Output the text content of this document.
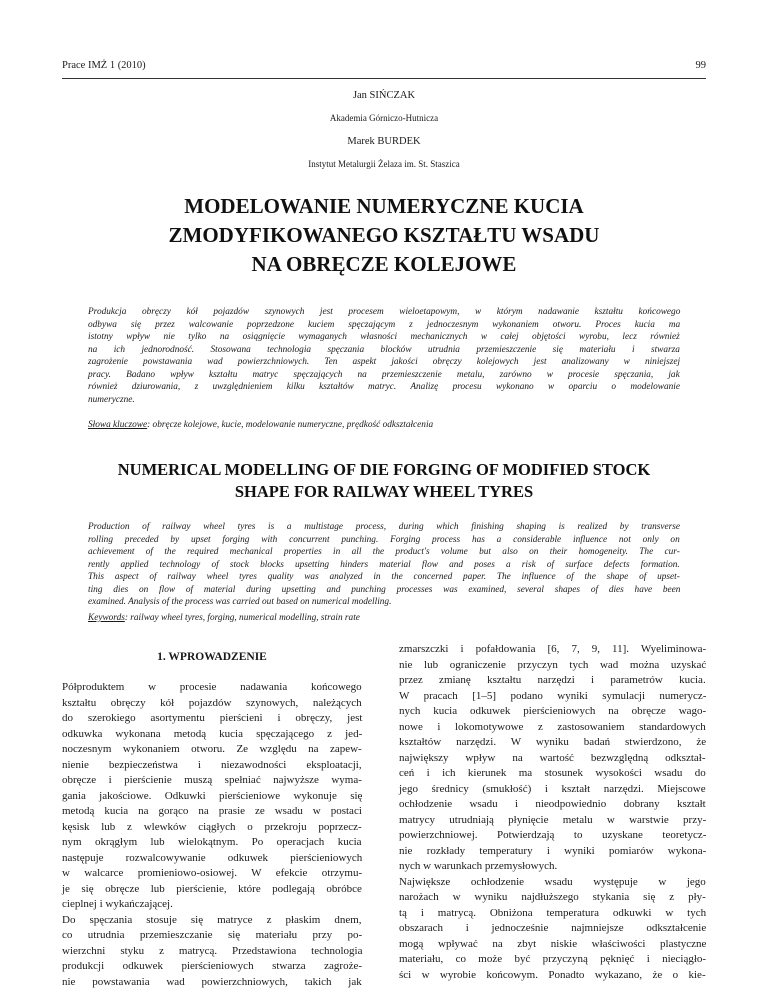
Prace IMŻ 1 (2010)	99
Jan SIŃCZAK
Akademia Górniczo-Hutnicza
Marek BURDEK
Instytut Metalurgii Żelaza im. St. Staszica
MODELOWANIE NUMERYCZNE KUCIA
ZMODYFIKOWANEGO KSZTAŁTU WSADU
NA OBRĘCZE KOLEJOWE
Produkcja obręczy kół pojazdów szynowych jest procesem wieloetapowym, w którym nadawanie kształtu końcowego
odbywa się przez walcowanie poprzedzone kuciem spęczającym z jednoczesnym wykonaniem otworu. Proces kucia ma
istotny wpływ nie tylko na osiągnięcie wymaganych własności mechanicznych w całej objętości wyrobu, lecz również
na ich jednorodność. Stosowana technologia spęczania blocków utrudnia przemieszczenie się materiału i stwarza
zagrożenie powstawania wad powierzchniowych. Ten aspekt jakości obręczy kolejowych jest analizowany w niniejszej
pracy. Badano wpływ kształtu matryc spęczających na przemieszczenie metalu, zarówno w procesie spęczania, jak
również dziurowania, z uwzględnieniem kilku kształtów matryc. Analizę procesu wykonano w oparciu o modelowanie
numeryczne.
Słowa kluczowe: obręcze kolejowe, kucie, modelowanie numeryczne, prędkość odkształcenia
NUMERICAL MODELLING OF DIE FORGING OF MODIFIED STOCK
SHAPE FOR RAILWAY WHEEL TYRES
Production of railway wheel tyres is a multistage process, during which finishing shaping is realized by transverse
rolling preceded by upset forging with concurrent punching. Forging process has a considerable influence not only on
achievement of the required mechanical properties in all the product's volume but also on their homogeneity. The cur-
rently applied technology of stock blocks upsetting hinders material flow and poses a risk of surface defects formation.
This aspect of railway wheel tyres quality was analyzed in the concerned paper. The influence of the shape of upset-
ting dies on flow of material during upsetting and punching processes was examined, several shapes of dies have been
examined. Analysis of the process was carried out based on numerical modelling.
Keywords: railway wheel tyres, forging, numerical modelling, strain rate
1. WPROWADZENIE
Półproduktem w procesie nadawania końcowego
kształtu obręczy kół pojazdów szynowych, należących
do szerokiego asortymentu pierścieni i obręczy, jest
odkuwka wykonana metodą kucia spęczającego z jed-
noczesnym wykonaniem otworu. Ze względu na zapew-
nienie bezpieczeństwa i niezawodności eksploatacji,
obręcze i pierścienie muszą spełniać najwyższe wyma-
gania jakościowe. Odkuwki pierścieniowe wykonuje się
metodą kucia na gorąco na prasie ze wsadu w postaci
kęsisk lub z wlewków ciągłych o przekroju poprzecz-
nym okrągłym lub wielokątnym. Po operacjach kucia
następuje rozwalcowywanie odkuwek pierścieniowych
w walcarce promieniowo-osiowej. W efekcie otrzymu-
je się obręcze lub pierścienie, które podlegają obróbce
cieplnej i wykańczającej.
Do spęczania stosuje się matryce z płaskim dnem,
co utrudnia przemieszczanie się materiału przy po-
wierzchni styku z matrycą. Przedstawiona technologia
produkcji odkuwek pierścieniowych stwarza zagroże-
nie powstawania wad powierzchniowych, takich jak
zmarszczki i pofałdowania [6, 7, 9, 11]. Wyeliminowa-
nie lub ograniczenie przyczyn tych wad można uzyskać
przez zmianę kształtu narzędzi i parametrów kucia.
W pracach [1–5] podano wyniki symulacji numerycz-
nych kucia odkuwek pierścieniowych na obręcze wago-
nowe i lokomotywowe z zastosowaniem standardowych
kształtów narzędzi. W wyniku badań stwierdzono, że
największy wpływ na wartość bezwzględną odkształ-
ceń i ich kierunek ma stosunek wysokości wsadu do
jego średnicy (smukłość) i kształt narzędzi. Miejscowe
ochłodzenie wsadu i nieodpowiednio dobrany kształt
matrycy utrudniają płynięcie metalu w warstwie przy-
powierzchniowej. Potwierdzają to uzyskane teoretycz-
nie rozkłady temperatury i wyniki pomiarów wykona-
nych w warunkach przemysłowych.
Największe ochłodzenie wsadu występuje w jego
narożach w wyniku najdłuższego stykania się z pły-
tą i matrycą. Obniżona temperatura odkuwki w tych
obszarach i jednocześnie najmniejsze odkształcenie
mogą wpływać na zbyt niskie właściwości plastyczne
materiału, co może być przyczyną pęknięć i nieciągło-
ści w wyrobie końcowym. Ponadto wykazano, że o kie-
